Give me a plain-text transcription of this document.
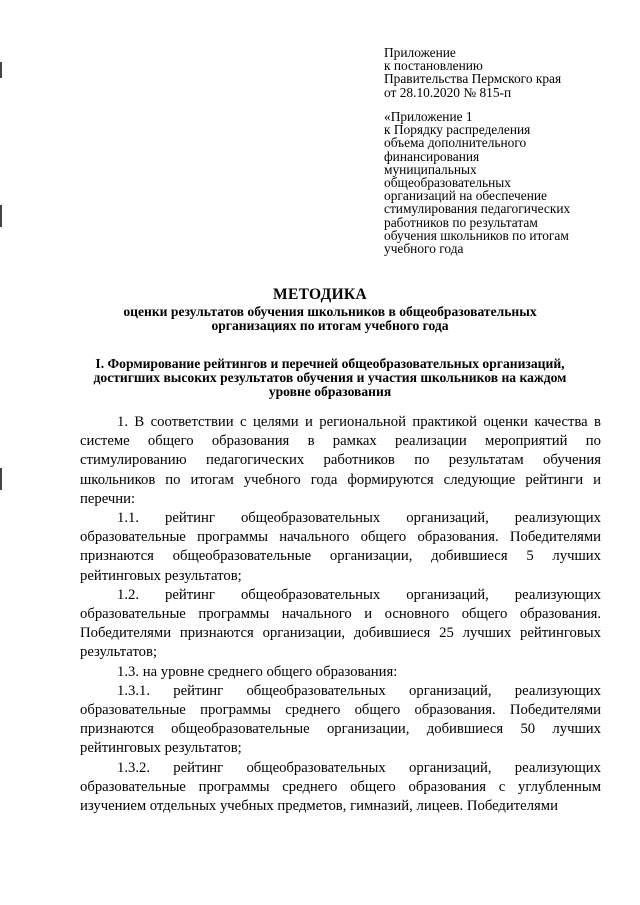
Приложение
к постановлению
Правительства Пермского края
от 28.10.2020 № 815-п
«Приложение 1
к Порядку распределения
объема дополнительного
финансирования
муниципальных
общеобразовательных
организаций на обеспечение
стимулирования педагогических
работников по результатам
обучения школьников по итогам
учебного года
МЕТОДИКА
оценки результатов обучения школьников в общеобразовательных организациях по итогам учебного года
I. Формирование рейтингов и перечней общеобразовательных организаций, достигших высоких результатов обучения и участия школьников на каждом уровне образования

1. В соответствии с целями и региональной практикой оценки качества в системе общего образования в рамках реализации мероприятий по стимулированию педагогических работников по результатам обучения школьников по итогам учебного года формируются следующие рейтинги и перечни:

1.1. рейтинг общеобразовательных организаций, реализующих образовательные программы начального общего образования. Победителями признаются общеобразовательные организации, добившиеся 5 лучших рейтинговых результатов;

1.2. рейтинг общеобразовательных организаций, реализующих образовательные программы начального и основного общего образования. Победителями признаются организации, добившиеся 25 лучших рейтинговых результатов;

1.3. на уровне среднего общего образования:

1.3.1. рейтинг общеобразовательных организаций, реализующих образовательные программы среднего общего образования. Победителями признаются общеобразовательные организации, добившиеся 50 лучших рейтинговых результатов;

1.3.2. рейтинг общеобразовательных организаций, реализующих образовательные программы среднего общего образования с углубленным изучением отдельных учебных предметов, гимназий, лицеев. Победителями
